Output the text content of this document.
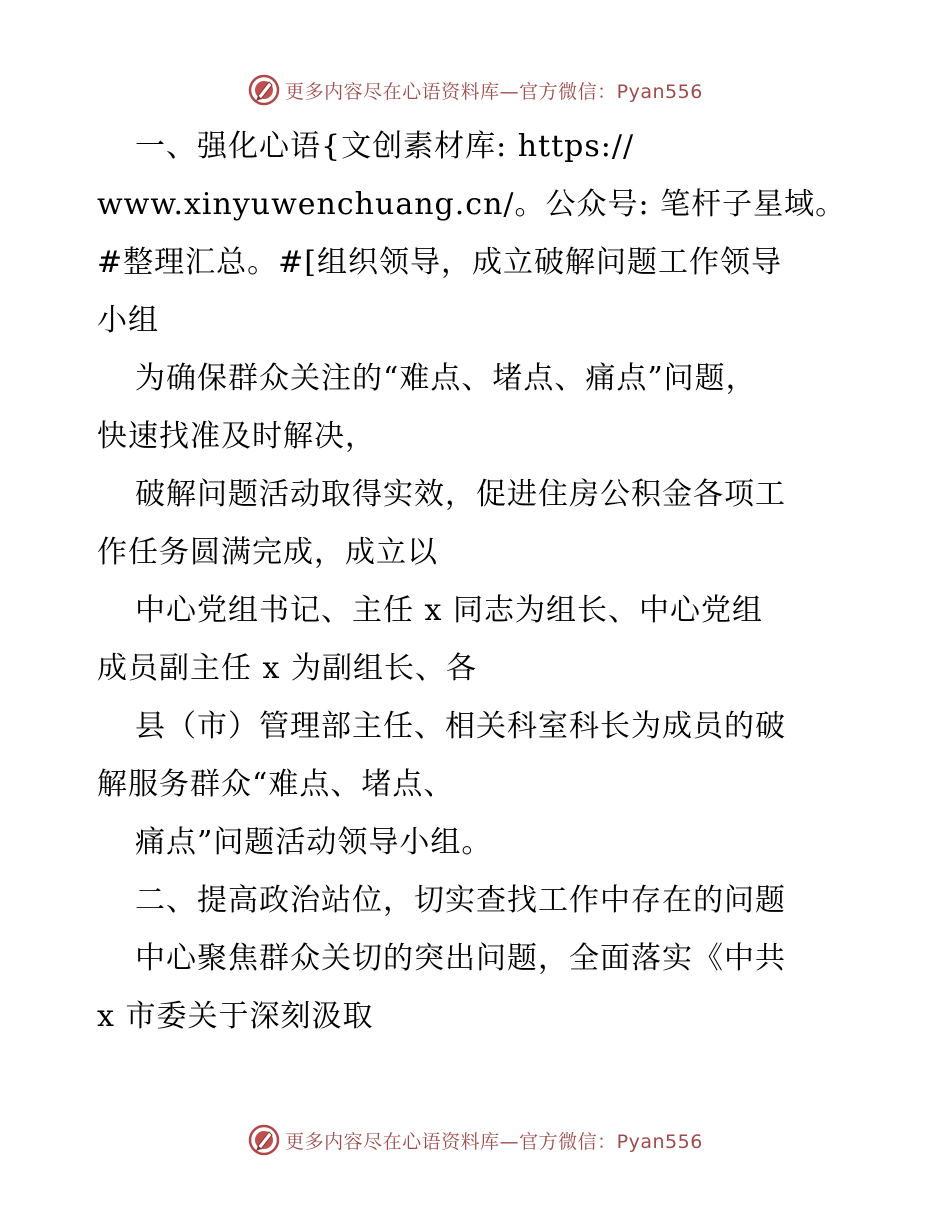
更多内容尽在心语资料库—官方微信：Pyan556
一、强化心语{文创素材库: https://
www.xinyuwenchuang.cn/。公众号: 笔杆子星域。
#整理汇总。#[组织领导，成立破解问题工作领导
小组
为确保群众关注的“难点、堵点、痛点”问题，
快速找准及时解决，
破解问题活动取得实效，促进住房公积金各项工
作任务圆满完成，成立以
中心党组书记、主任 x 同志为组长、中心党组
成员副主任 x 为副组长、各
县（市）管理部主任、相关科室科长为成员的破
解服务群众“难点、堵点、
痛点”问题活动领导小组。
二、提高政治站位，切实查找工作中存在的问题
中心聚焦群众关切的突出问题，全面落实《中共
x 市委关于深刻汲取
更多内容尽在心语资料库—官方微信：Pyan556
